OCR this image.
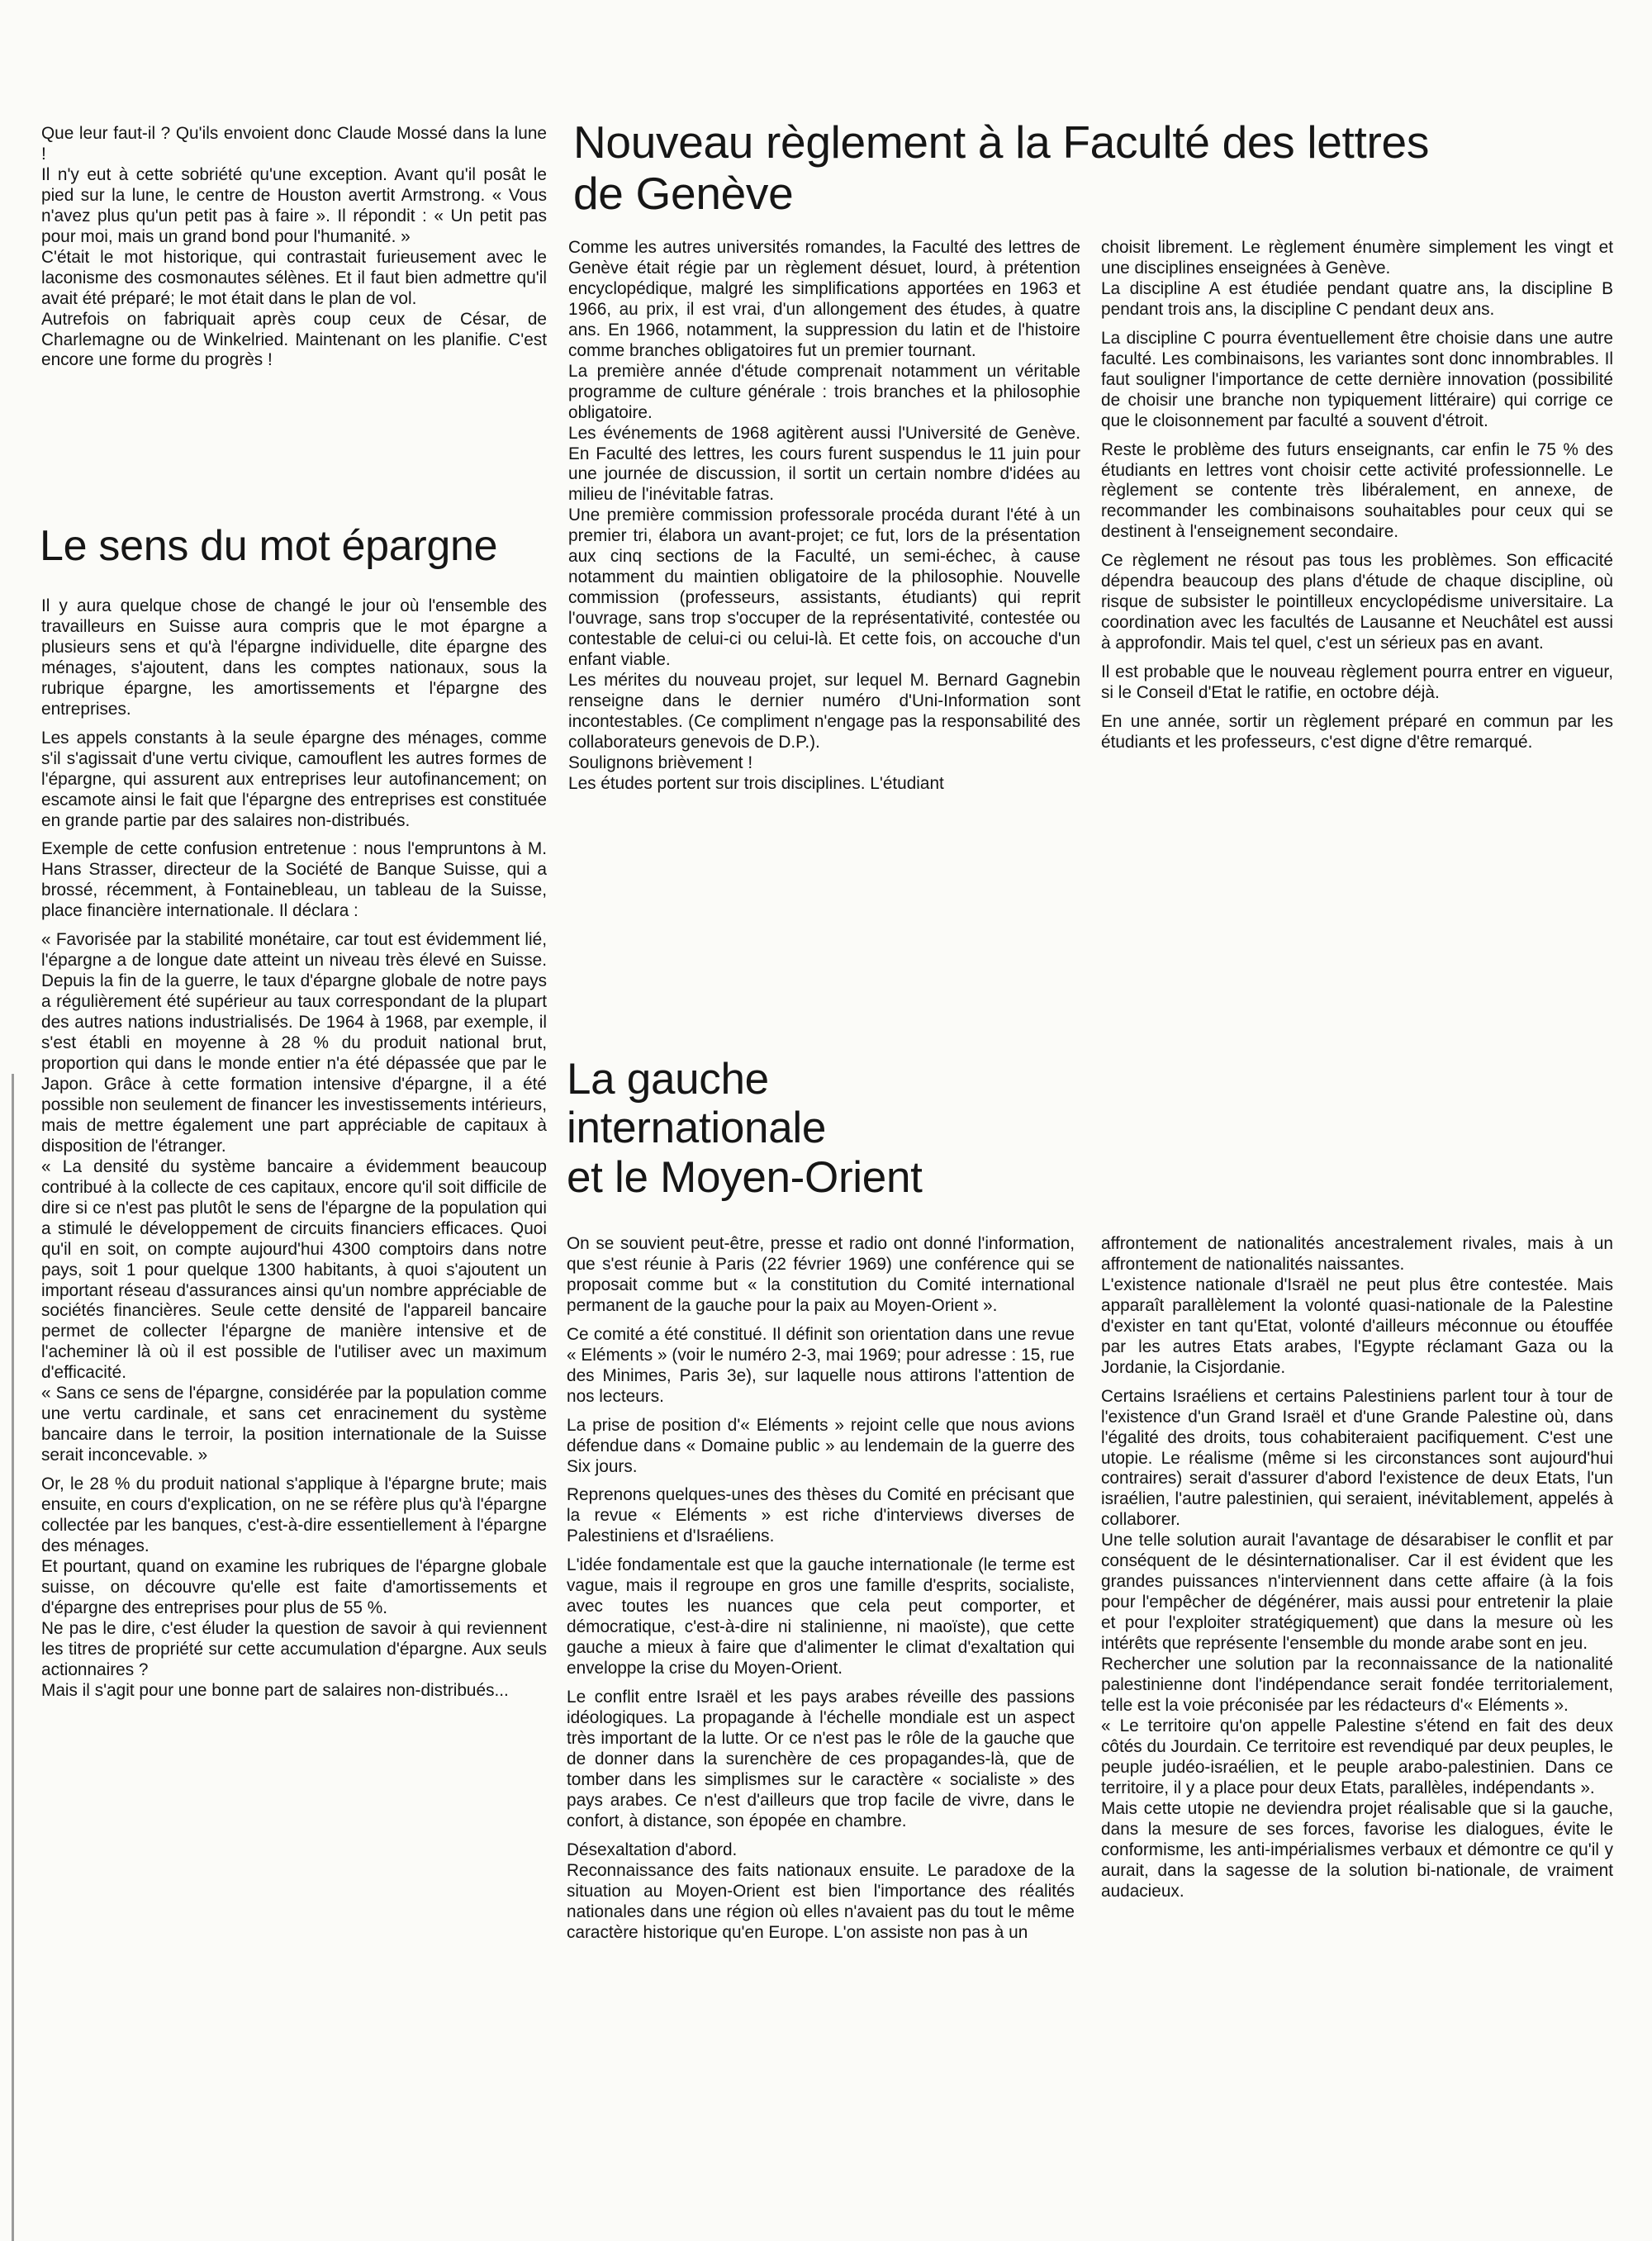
Que leur faut-il ? Qu'ils envoient donc Claude Mossé dans la lune !

Il n'y eut à cette sobriété qu'une exception. Avant qu'il posât le pied sur la lune, le centre de Houston avertit Armstrong. « Vous n'avez plus qu'un petit pas à faire ». Il répondit : « Un petit pas pour moi, mais un grand bond pour l'humanité. »

C'était le mot historique, qui contrastait furieusement avec le laconisme des cosmonautes sélènes. Et il faut bien admettre qu'il avait été préparé; le mot était dans le plan de vol.

Autrefois on fabriquait après coup ceux de César, de Charlemagne ou de Winkelried. Maintenant on les planifie. C'est encore une forme du progrès !

Le sens du mot épargne

Il y aura quelque chose de changé le jour où l'ensemble des travailleurs en Suisse aura compris que le mot épargne a plusieurs sens et qu'à l'épargne individuelle, dite épargne des ménages, s'ajoutent, dans les comptes nationaux, sous la rubrique épargne, les amortissements et l'épargne des entreprises.

Les appels constants à la seule épargne des ménages, comme s'il s'agissait d'une vertu civique, camouflent les autres formes de l'épargne, qui assurent aux entreprises leur autofinancement; on escamote ainsi le fait que l'épargne des entreprises est constituée en grande partie par des salaires non-distribués.

Exemple de cette confusion entretenue : nous l'empruntons à M. Hans Strasser, directeur de la Société de Banque Suisse, qui a brossé, récemment, à Fontainebleau, un tableau de la Suisse, place financière internationale. Il déclara :

« Favorisée par la stabilité monétaire, car tout est évidemment lié, l'épargne a de longue date atteint un niveau très élevé en Suisse. Depuis la fin de la guerre, le taux d'épargne globale de notre pays a régulièrement été supérieur au taux correspondant de la plupart des autres nations industrialisés. De 1964 à 1968, par exemple, il s'est établi en moyenne à 28 % du produit national brut, proportion qui dans le monde entier n'a été dépassée que par le Japon. Grâce à cette formation intensive d'épargne, il a été possible non seulement de financer les investissements intérieurs, mais de mettre également une part appréciable de capitaux à disposition de l'étranger.

« La densité du système bancaire a évidemment beaucoup contribué à la collecte de ces capitaux, encore qu'il soit difficile de dire si ce n'est pas plutôt le sens de l'épargne de la population qui a stimulé le développement de circuits financiers efficaces. Quoi qu'il en soit, on compte aujourd'hui 4300 comptoirs dans notre pays, soit 1 pour quelque 1300 habitants, à quoi s'ajoutent un important réseau d'assurances ainsi qu'un nombre appréciable de sociétés financières. Seule cette densité de l'appareil bancaire permet de collecter l'épargne de manière intensive et de l'acheminer là où il est possible de l'utiliser avec un maximum d'efficacité.

« Sans ce sens de l'épargne, considérée par la population comme une vertu cardinale, et sans cet enracinement du système bancaire dans le terroir, la position internationale de la Suisse serait inconcevable. »

Or, le 28 % du produit national s'applique à l'épargne brute; mais ensuite, en cours d'explication, on ne se réfère plus qu'à l'épargne collectée par les banques, c'est-à-dire essentiellement à l'épargne des ménages.

Et pourtant, quand on examine les rubriques de l'épargne globale suisse, on découvre qu'elle est faite d'amortissements et d'épargne des entreprises pour plus de 55 %.

Ne pas le dire, c'est éluder la question de savoir à qui reviennent les titres de propriété sur cette accumulation d'épargne. Aux seuls actionnaires ?

Mais il s'agit pour une bonne part de salaires non-distribués...

Nouveau règlement à la Faculté des lettres
de Genève

Comme les autres universités romandes, la Faculté des lettres de Genève était régie par un règlement désuet, lourd, à prétention encyclopédique, malgré les simplifications apportées en 1963 et 1966, au prix, il est vrai, d'un allongement des études, à quatre ans. En 1966, notamment, la suppression du latin et de l'histoire comme branches obligatoires fut un premier tournant.

La première année d'étude comprenait notamment un véritable programme de culture générale : trois branches et la philosophie obligatoire.

Les événements de 1968 agitèrent aussi l'Université de Genève. En Faculté des lettres, les cours furent suspendus le 11 juin pour une journée de discussion, il sortit un certain nombre d'idées au milieu de l'inévitable fatras.

Une première commission professorale procéda durant l'été à un premier tri, élabora un avant-projet; ce fut, lors de la présentation aux cinq sections de la Faculté, un semi-échec, à cause notamment du maintien obligatoire de la philosophie. Nouvelle commission (professeurs, assistants, étudiants) qui reprit l'ouvrage, sans trop s'occuper de la représentativité, contestée ou contestable de celui-ci ou celui-là. Et cette fois, on accouche d'un enfant viable.

Les mérites du nouveau projet, sur lequel M. Bernard Gagnebin renseigne dans le dernier numéro d'Uni-Information sont incontestables. (Ce compliment n'engage pas la responsabilité des collaborateurs genevois de D.P.).

Soulignons brièvement !

Les études portent sur trois disciplines. L'étudiant

choisit librement. Le règlement énumère simplement les vingt et une disciplines enseignées à Genève.

La discipline A est étudiée pendant quatre ans, la discipline B pendant trois ans, la discipline C pendant deux ans.

La discipline C pourra éventuellement être choisie dans une autre faculté. Les combinaisons, les variantes sont donc innombrables. Il faut souligner l'importance de cette dernière innovation (possibilité de choisir une branche non typiquement littéraire) qui corrige ce que le cloisonnement par faculté a souvent d'étroit.

Reste le problème des futurs enseignants, car enfin le 75 % des étudiants en lettres vont choisir cette activité professionnelle. Le règlement se contente très libéralement, en annexe, de recommander les combinaisons souhaitables pour ceux qui se destinent à l'enseignement secondaire.

Ce règlement ne résout pas tous les problèmes. Son efficacité dépendra beaucoup des plans d'étude de chaque discipline, où risque de subsister le pointilleux encyclopédisme universitaire. La coordination avec les facultés de Lausanne et Neuchâtel est aussi à approfondir. Mais tel quel, c'est un sérieux pas en avant.

Il est probable que le nouveau règlement pourra entrer en vigueur, si le Conseil d'Etat le ratifie, en octobre déjà.

En une année, sortir un règlement préparé en commun par les étudiants et les professeurs, c'est digne d'être remarqué.

La gauche
internationale
et le Moyen-Orient

On se souvient peut-être, presse et radio ont donné l'information, que s'est réunie à Paris (22 février 1969) une conférence qui se proposait comme but « la constitution du Comité international permanent de la gauche pour la paix au Moyen-Orient ».

Ce comité a été constitué. Il définit son orientation dans une revue « Eléments » (voir le numéro 2-3, mai 1969; pour adresse : 15, rue des Minimes, Paris 3e), sur laquelle nous attirons l'attention de nos lecteurs.

La prise de position d'« Eléments » rejoint celle que nous avions défendue dans « Domaine public » au lendemain de la guerre des Six jours.

Reprenons quelques-unes des thèses du Comité en précisant que la revue « Eléments » est riche d'interviews diverses de Palestiniens et d'Israéliens.

L'idée fondamentale est que la gauche internationale (le terme est vague, mais il regroupe en gros une famille d'esprits, socialiste, avec toutes les nuances que cela peut comporter, et démocratique, c'est-à-dire ni stalinienne, ni maoïste), que cette gauche a mieux à faire que d'alimenter le climat d'exaltation qui enveloppe la crise du Moyen-Orient.

Le conflit entre Israël et les pays arabes réveille des passions idéologiques. La propagande à l'échelle mondiale est un aspect très important de la lutte. Or ce n'est pas le rôle de la gauche que de donner dans la surenchère de ces propagandes-là, que de tomber dans les simplismes sur le caractère « socialiste » des pays arabes. Ce n'est d'ailleurs que trop facile de vivre, dans le confort, à distance, son épopée en chambre.

Désexaltation d'abord.

Reconnaissance des faits nationaux ensuite. Le paradoxe de la situation au Moyen-Orient est bien l'importance des réalités nationales dans une région où elles n'avaient pas du tout le même caractère historique qu'en Europe. L'on assiste non pas à un

affrontement de nationalités ancestralement rivales, mais à un affrontement de nationalités naissantes.

L'existence nationale d'Israël ne peut plus être contestée. Mais apparaît parallèlement la volonté quasi-nationale de la Palestine d'exister en tant qu'Etat, volonté d'ailleurs méconnue ou étouffée par les autres Etats arabes, l'Egypte réclamant Gaza ou la Jordanie, la Cisjordanie.

Certains Israéliens et certains Palestiniens parlent tour à tour de l'existence d'un Grand Israël et d'une Grande Palestine où, dans l'égalité des droits, tous cohabiteraient pacifiquement. C'est une utopie. Le réalisme (même si les circonstances sont aujourd'hui contraires) serait d'assurer d'abord l'existence de deux Etats, l'un israélien, l'autre palestinien, qui seraient, inévitablement, appelés à collaborer.

Une telle solution aurait l'avantage de désarabiser le conflit et par conséquent de le désinternationaliser. Car il est évident que les grandes puissances n'interviennent dans cette affaire (à la fois pour l'empêcher de dégénérer, mais aussi pour entretenir la plaie et pour l'exploiter stratégiquement) que dans la mesure où les intérêts que représente l'ensemble du monde arabe sont en jeu.

Rechercher une solution par la reconnaissance de la nationalité palestinienne dont l'indépendance serait fondée territorialement, telle est la voie préconisée par les rédacteurs d'« Eléments ».

« Le territoire qu'on appelle Palestine s'étend en fait des deux côtés du Jourdain. Ce territoire est revendiqué par deux peuples, le peuple judéo-israélien, et le peuple arabo-palestinien. Dans ce territoire, il y a place pour deux Etats, parallèles, indépendants ».

Mais cette utopie ne deviendra projet réalisable que si la gauche, dans la mesure de ses forces, favorise les dialogues, évite le conformisme, les anti-impérialismes verbaux et démontre ce qu'il y aurait, dans la sagesse de la solution bi-nationale, de vraiment audacieux.
